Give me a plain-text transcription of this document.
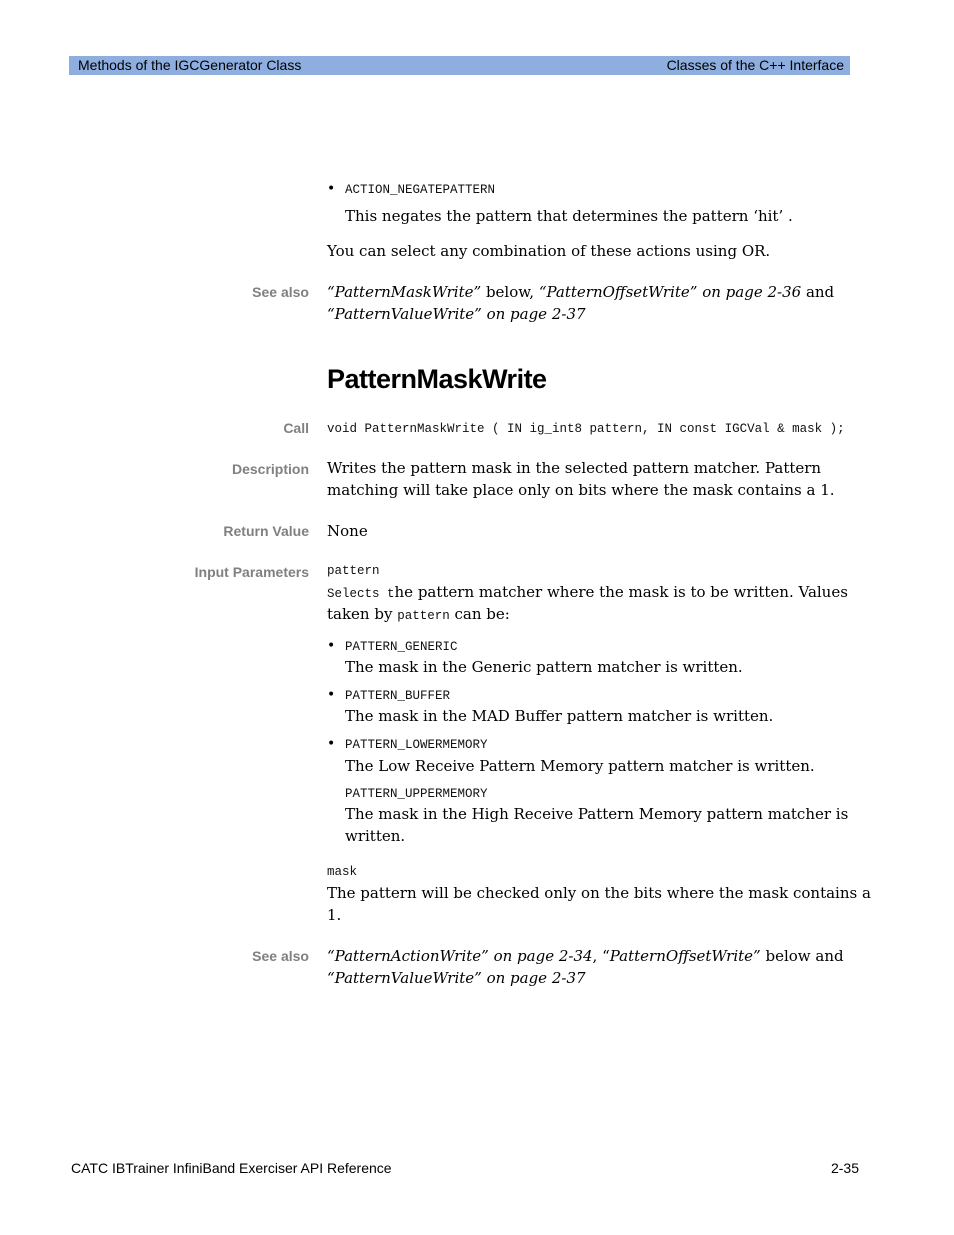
Methods of the IGCGenerator Class	Classes of the C++ Interface
• ACTION_NEGATEPATTERN
This negates the pattern that determines the pattern ‘hit’ .
You can select any combination of these actions using OR.
See also “PatternMaskWrite” below, “PatternOffsetWrite” on page 2-36 and
“PatternValueWrite” on page 2-37
PatternMaskWrite
Call void PatternMaskWrite ( IN ig_int8 pattern, IN const IGCVal & mask );
Description Writes the pattern mask in the selected pattern matcher. Pattern
matching will take place only on bits where the mask contains a 1.
Return Value None
Input Parameters pattern
Selects the pattern matcher where the mask is to be written. Values
taken by pattern can be:
• PATTERN_GENERIC
The mask in the Generic pattern matcher is written.
• PATTERN_BUFFER
The mask in the MAD Buffer pattern matcher is written.
• PATTERN_LOWERMEMORY
The Low Receive Pattern Memory pattern matcher is written.
PATTERN_UPPERMEMORY
The mask in the High Receive Pattern Memory pattern matcher is
written.
mask
The pattern will be checked only on the bits where the mask contains a
1.
See also “PatternActionWrite” on page 2-34, “PatternOffsetWrite” below and
“PatternValueWrite” on page 2-37
CATC IBTrainer InfiniBand Exerciser API Reference	2-35
